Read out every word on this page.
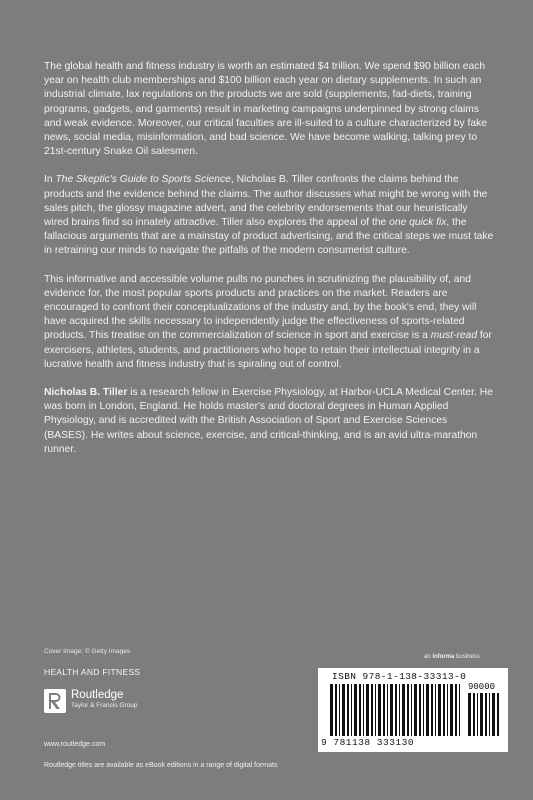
The global health and fitness industry is worth an estimated $4 trillion. We spend $90 billion each year on health club memberships and $100 billion each year on dietary supplements. In such an industrial climate, lax regulations on the products we are sold (supplements, fad-diets, training programs, gadgets, and garments) result in marketing campaigns underpinned by strong claims and weak evidence. Moreover, our critical faculties are ill-suited to a culture characterized by fake news, social media, misinformation, and bad science. We have become walking, talking prey to 21st-century Snake Oil salesmen.

In The Skeptic's Guide to Sports Science, Nicholas B. Tiller confronts the claims behind the products and the evidence behind the claims. The author discusses what might be wrong with the sales pitch, the glossy magazine advert, and the celebrity endorsements that our heuristically wired brains find so innately attractive. Tiller also explores the appeal of the one quick fix, the fallacious arguments that are a mainstay of product advertising, and the critical steps we must take in retraining our minds to navigate the pitfalls of the modern consumerist culture.

This informative and accessible volume pulls no punches in scrutinizing the plausibility of, and evidence for, the most popular sports products and practices on the market. Readers are encouraged to confront their conceptualizations of the industry and, by the book's end, they will have acquired the skills necessary to independently judge the effectiveness of sports-related products. This treatise on the commercialization of science in sport and exercise is a must-read for exercisers, athletes, students, and practitioners who hope to retain their intellectual integrity in a lucrative health and fitness industry that is spiraling out of control.

Nicholas B. Tiller is a research fellow in Exercise Physiology, at Harbor-UCLA Medical Center. He was born in London, England. He holds master's and doctoral degrees in Human Applied Physiology, and is accredited with the British Association of Sport and Exercise Sciences (BASES). He writes about science, exercise, and critical-thinking, and is an avid ultra-marathon runner.

Cover Image: © Getty Images
HEALTH AND FITNESS
Routledge
Taylor & Francis Group
www.routledge.com
Routledge titles are available as eBook editions in a range of digital formats
an informa business
ISBN 978-1-138-33313-0
90000
9 781138 333130
